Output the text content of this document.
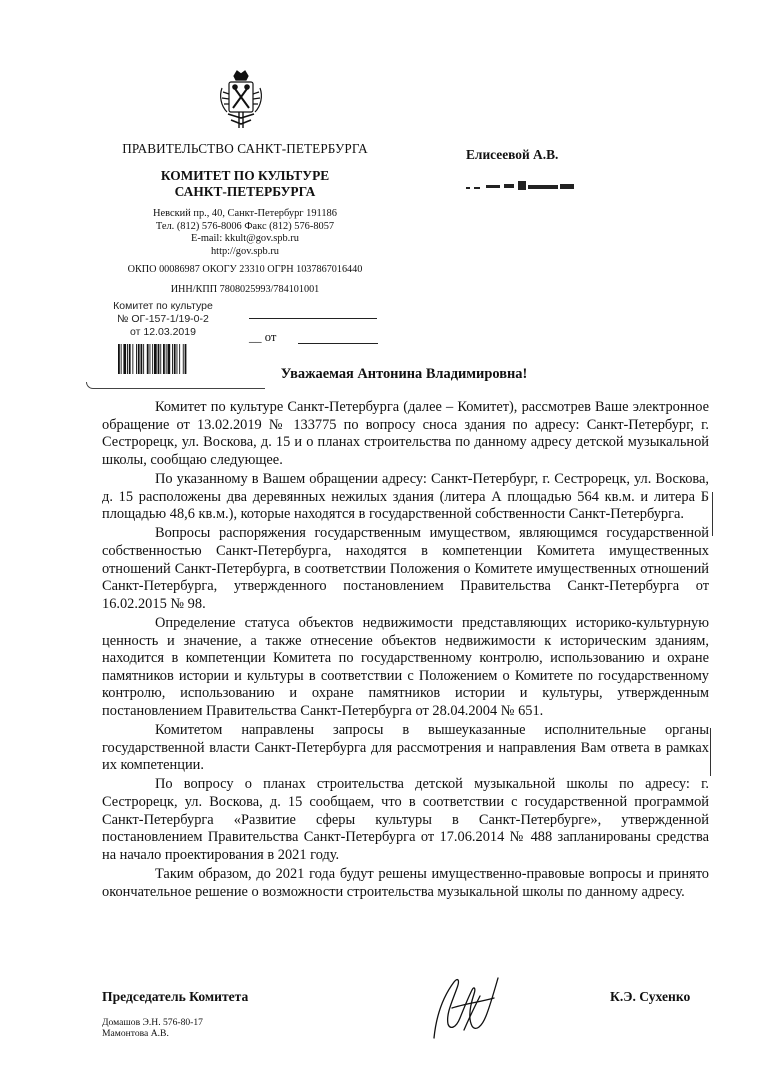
ПРАВИТЕЛЬСТВО САНКТ-ПЕТЕРБУРГА
КОМИТЕТ ПО КУЛЬТУРЕ
САНКТ-ПЕТЕРБУРГА
Невский пр., 40, Санкт-Петербург 191186
Тел. (812) 576-8006 Факс (812) 576-8057
E-mail: kkult@gov.spb.ru
http://gov.spb.ru
ОКПО 00086987 ОКОГУ 23310 ОГРН 1037867016440
ИНН/КПП 7808025993/784101001
Комитет по культуре
№ ОГ-157-1/19-0-2
от 12.03.2019	__ от
Елисеевой А.В.
Уважаемая Антонина Владимировна!

Комитет по культуре Санкт-Петербурга (далее – Комитет), рассмотрев Ваше электронное обращение от 13.02.2019 № 133775 по вопросу сноса здания по адресу: Санкт-Петербург, г. Сестрорецк, ул. Воскова, д. 15 и о планах строительства по данному адресу детской музыкальной школы, сообщаю следующее.

По указанному в Вашем обращении адресу: Санкт-Петербург, г. Сестрорецк, ул. Воскова, д. 15 расположены два деревянных нежилых здания (литера А площадью 564 кв.м. и литера Б площадью 48,6 кв.м.), которые находятся в государственной собственности Санкт-Петербурга.

Вопросы распоряжения государственным имуществом, являющимся государственной собственностью Санкт-Петербурга, находятся в компетенции Комитета имущественных отношений Санкт-Петербурга, в соответствии Положения о Комитете имущественных отношений Санкт-Петербурга, утвержденного постановлением Правительства Санкт-Петербурга от 16.02.2015 № 98.

Определение статуса объектов недвижимости представляющих историко-культурную ценность и значение, а также отнесение объектов недвижимости к историческим зданиям, находится в компетенции Комитета по государственному контролю, использованию и охране памятников истории и культуры в соответствии с Положением о Комитете по государственному контролю, использованию и охране памятников истории и культуры, утвержденным постановлением Правительства Санкт-Петербурга от 28.04.2004 № 651.

Комитетом направлены запросы в вышеуказанные исполнительные органы государственной власти Санкт-Петербурга для рассмотрения и направления Вам ответа в рамках их компетенции.

По вопросу о планах строительства детской музыкальной школы по адресу: г. Сестрорецк, ул. Воскова, д. 15 сообщаем, что в соответствии с государственной программой Санкт-Петербурга «Развитие сферы культуры в Санкт-Петербурге», утвержденной постановлением Правительства Санкт-Петербурга от 17.06.2014 № 488 запланированы средства на начало проектирования в 2021 году.

Таким образом, до 2021 года будут решены имущественно-правовые вопросы и принято окончательное решение о возможности строительства музыкальной школы по данному адресу.

Председатель Комитета	К.Э. Сухенко
Домашов Э.Н. 576-80-17
Мамонтова А.В.
